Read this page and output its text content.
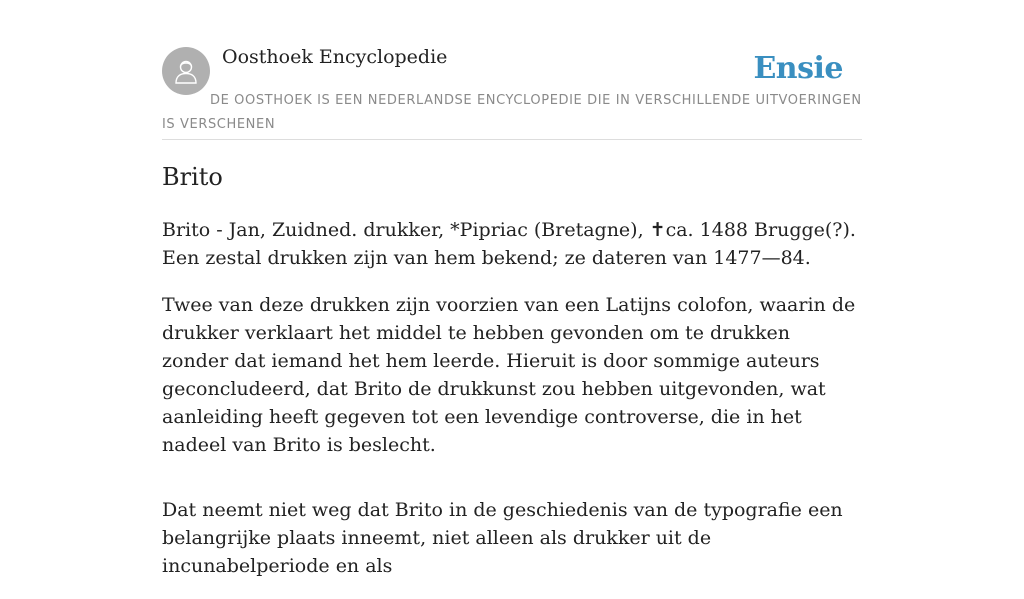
Oosthoek Encyclopedie	Ensie
DE OOSTHOEK IS EEN NEDERLANDSE ENCYCLOPEDIE DIE IN VERSCHILLENDE UITVOERINGEN IS VERSCHENEN
Brito

Brito - Jan, Zuidned. drukker, *Pipriac (Bretagne), ✝ca. 1488 Brugge(?). Een zestal drukken zijn van hem bekend; ze dateren van 1477—84.

Twee van deze drukken zijn voorzien van een Latijns colofon, waarin de drukker verklaart het middel te hebben gevonden om te drukken zonder dat iemand het hem leerde. Hieruit is door sommige auteurs geconcludeerd, dat Brito de drukkunst zou hebben uitgevonden, wat aanleiding heeft gegeven tot een levendige controverse, die in het nadeel van Brito is beslecht.

Dat neemt niet weg dat Brito in de geschiedenis van de typografie een belangrijke plaats inneemt, niet alleen als drukker uit de incunabelperiode en als
